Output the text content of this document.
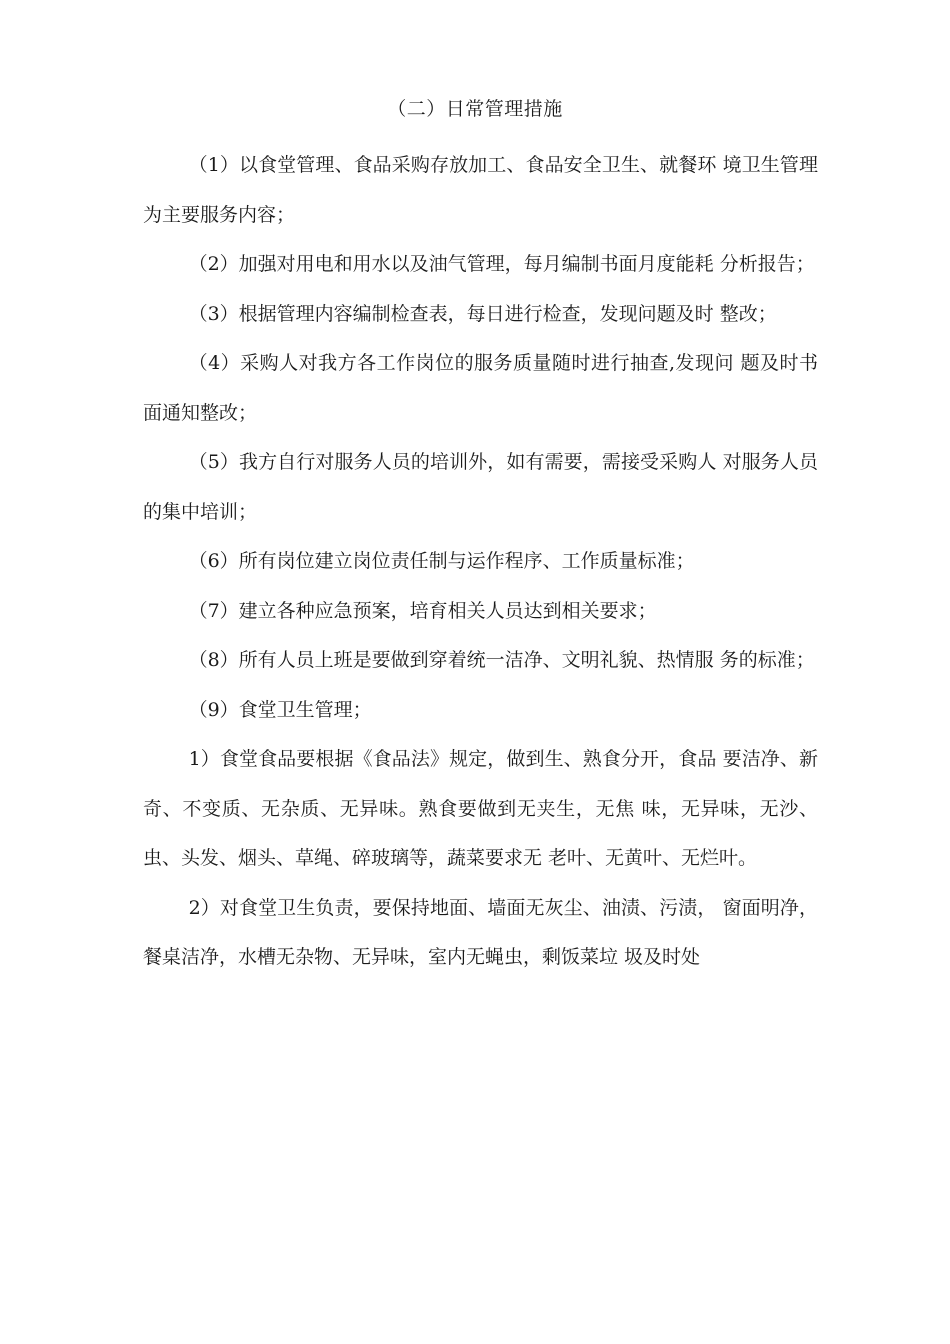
（二）日常管理措施

（1）以食堂管理、食品采购存放加工、食品安全卫生、就餐环 境卫生管理为主要服务内容；

（2）加强对用电和用水以及油气管理，每月编制书面月度能耗 分析报告；

（3）根据管理内容编制检查表，每日进行检查，发现问题及时 整改；

（4）采购人对我方各工作岗位的服务质量随时进行抽查,发现问 题及时书面通知整改；

（5）我方自行对服务人员的培训外，如有需要，需接受采购人 对服务人员的集中培训；

（6）所有岗位建立岗位责任制与运作程序、工作质量标准；

（7）建立各种应急预案，培育相关人员达到相关要求；

（8）所有人员上班是要做到穿着统一洁净、文明礼貌、热情服 务的标准；

（9）食堂卫生管理；

1）食堂食品要根据《食品法》规定，做到生、熟食分开，食品 要洁净、新奇、不变质、无杂质、无异味。熟食要做到无夹生，无焦 味，无异味，无沙、虫、头发、烟头、草绳、碎玻璃等，蔬菜要求无 老叶、无黄叶、无烂叶。

2）对食堂卫生负责，要保持地面、墙面无灰尘、油渍、污渍， 窗面明净，餐桌洁净，水槽无杂物、无异味，室内无蝇虫，剩饭菜垃 圾及时处
